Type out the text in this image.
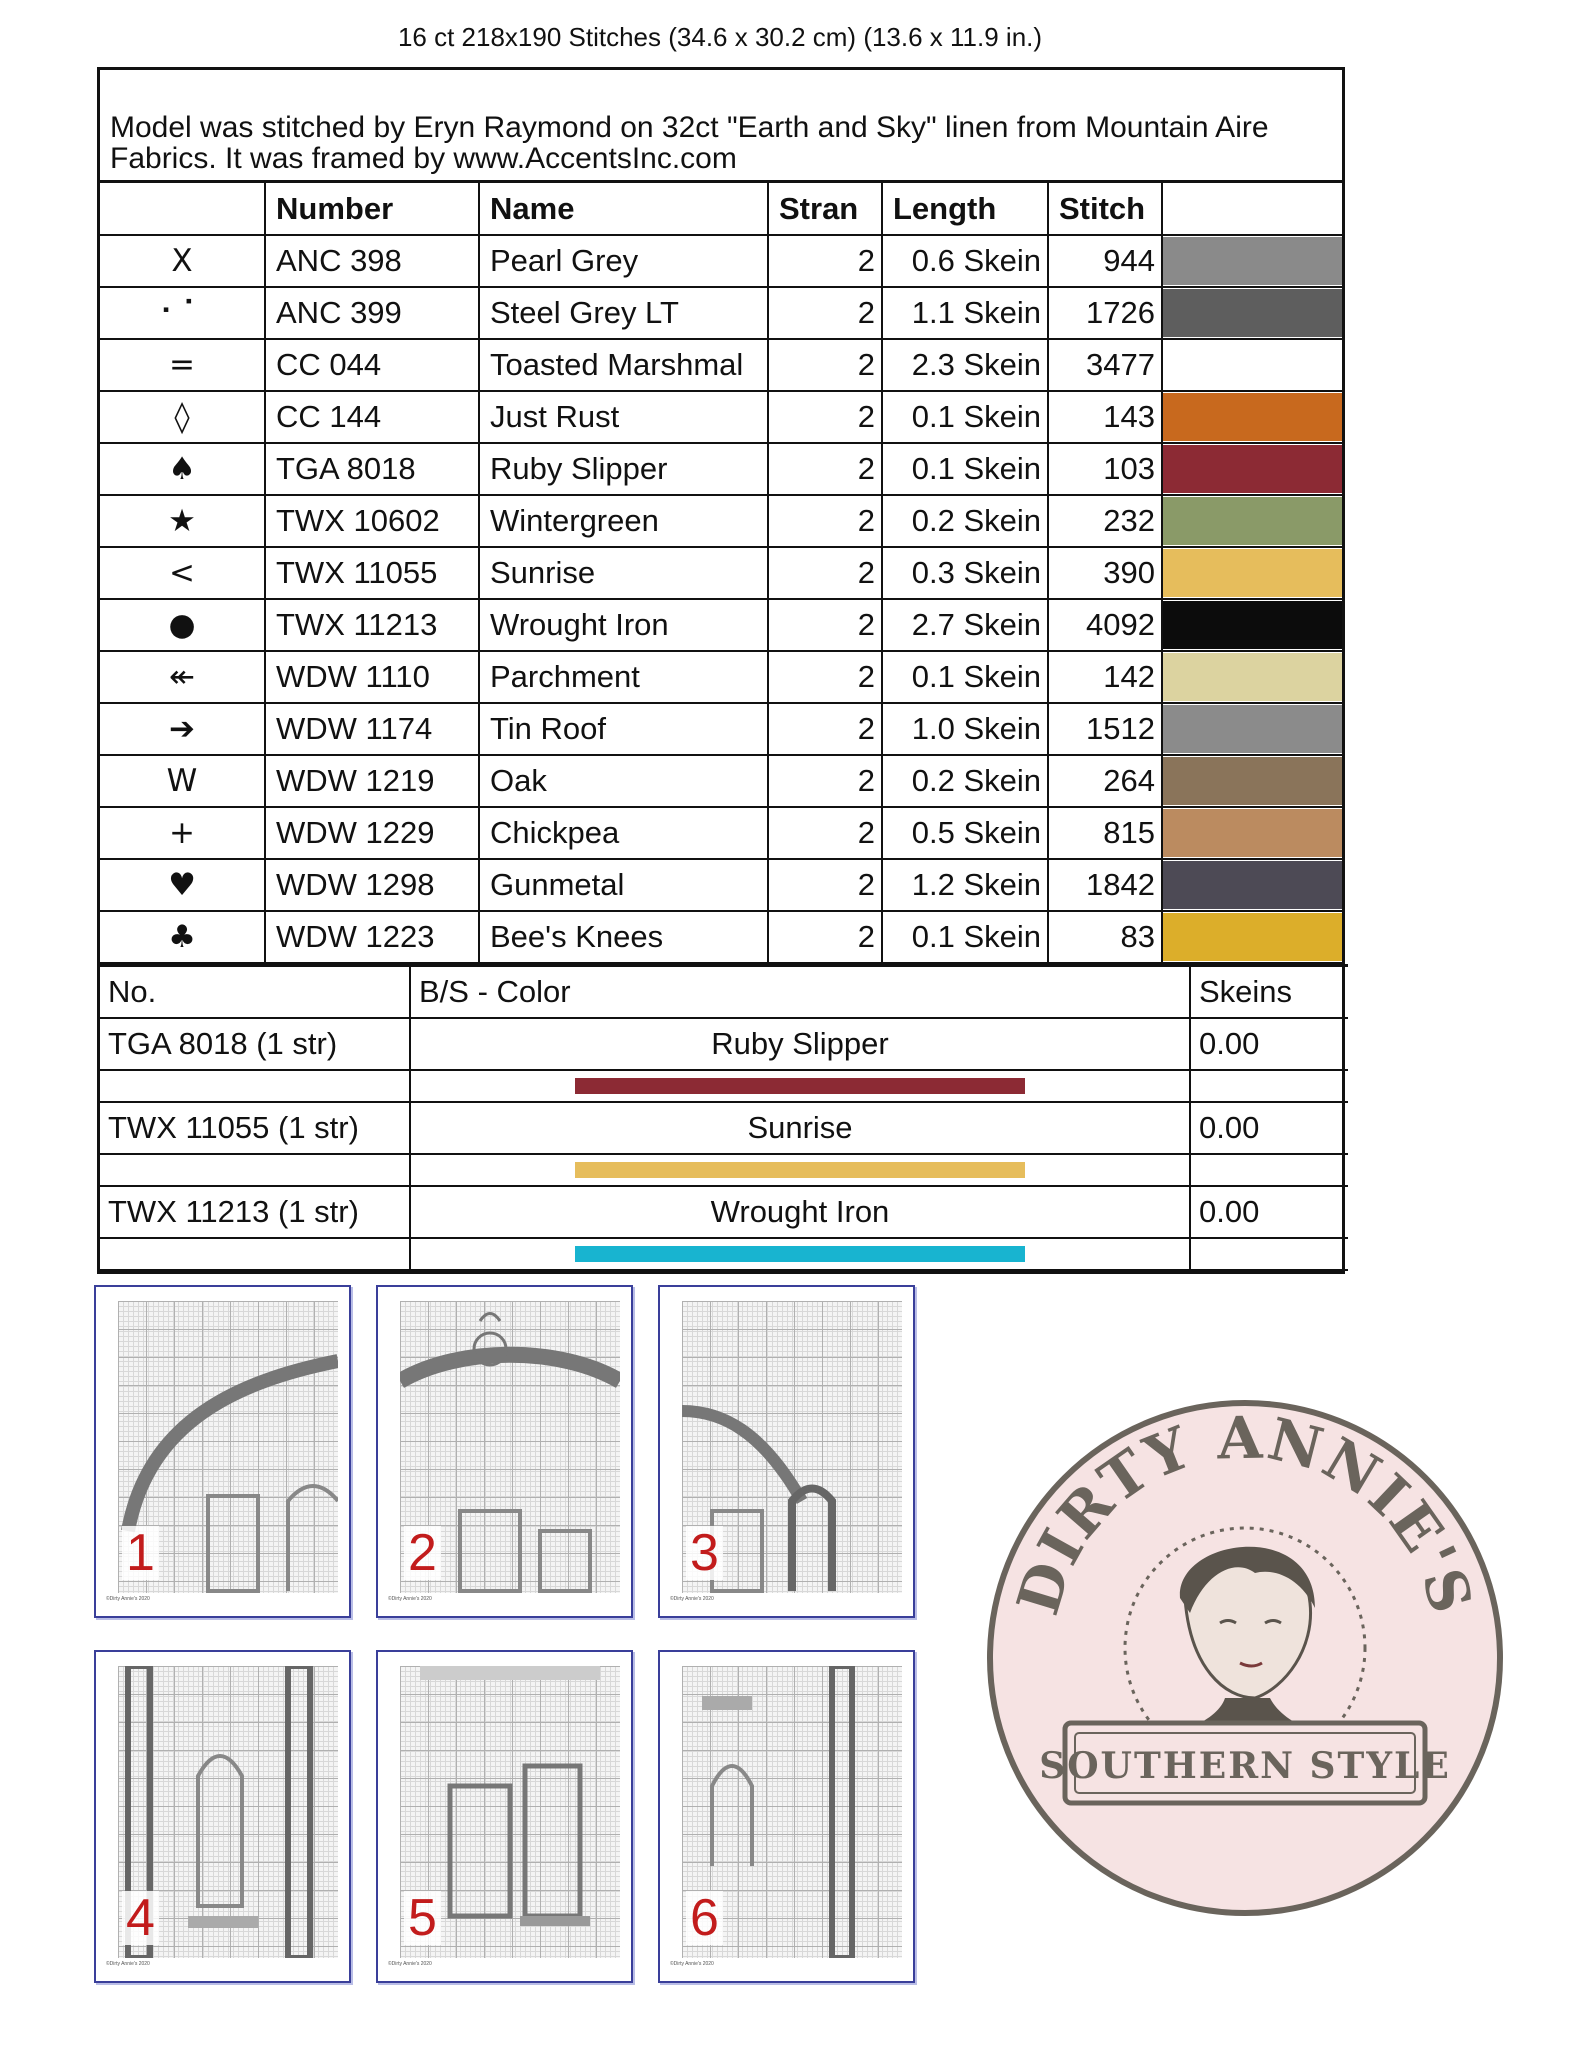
16 ct 218x190 Stitches (34.6 x 30.2 cm) (13.6 x 11.9 in.)
Model was stitched by Eryn Raymond on 32ct "Earth and Sky" linen from Mountain Aire Fabrics. It was framed by www.AccentsInc.com
	Number	Name	Stran	Length	Stitch	
X	ANC 398	Pearl Grey	2	0.6 Skein	944	

⠂⠁	ANC 399	Steel Grey LT	2	1.1 Skein	1726	

=	CC 044	Toasted Marshmal	2	2.3 Skein	3477	

◊	CC 144	Just Rust	2	0.1 Skein	143	

♠	TGA 8018	Ruby Slipper	2	0.1 Skein	103	

★	TWX 10602	Wintergreen	2	0.2 Skein	232	

<	TWX 11055	Sunrise	2	0.3 Skein	390	

●	TWX 11213	Wrought Iron	2	2.7 Skein	4092	

↞	WDW 1110	Parchment	2	0.1 Skein	142	

➔	WDW 1174	Tin Roof	2	1.0 Skein	1512	

W	WDW 1219	Oak	2	0.2 Skein	264	

+	WDW 1229	Chickpea	2	0.5 Skein	815	

♥	WDW 1298	Gunmetal	2	1.2 Skein	1842	

♣	WDW 1223	Bee's Knees	2	0.1 Skein	83	
No.	B/S - Color	Skeins
TGA 8018 (1 str)	Ruby Slipper	0.00

TWX 11055 (1 str)	Sunrise	0.00

TWX 11213 (1 str)	Wrought Iron	0.00

1
©Dirty Annie's 2020
2
©Dirty Annie's 2020
3
©Dirty Annie's 2020
4
©Dirty Annie's 2020
5
©Dirty Annie's 2020
6
©Dirty Annie's 2020
DIRTY ANNIE'S
SOUTHERN STYLE
